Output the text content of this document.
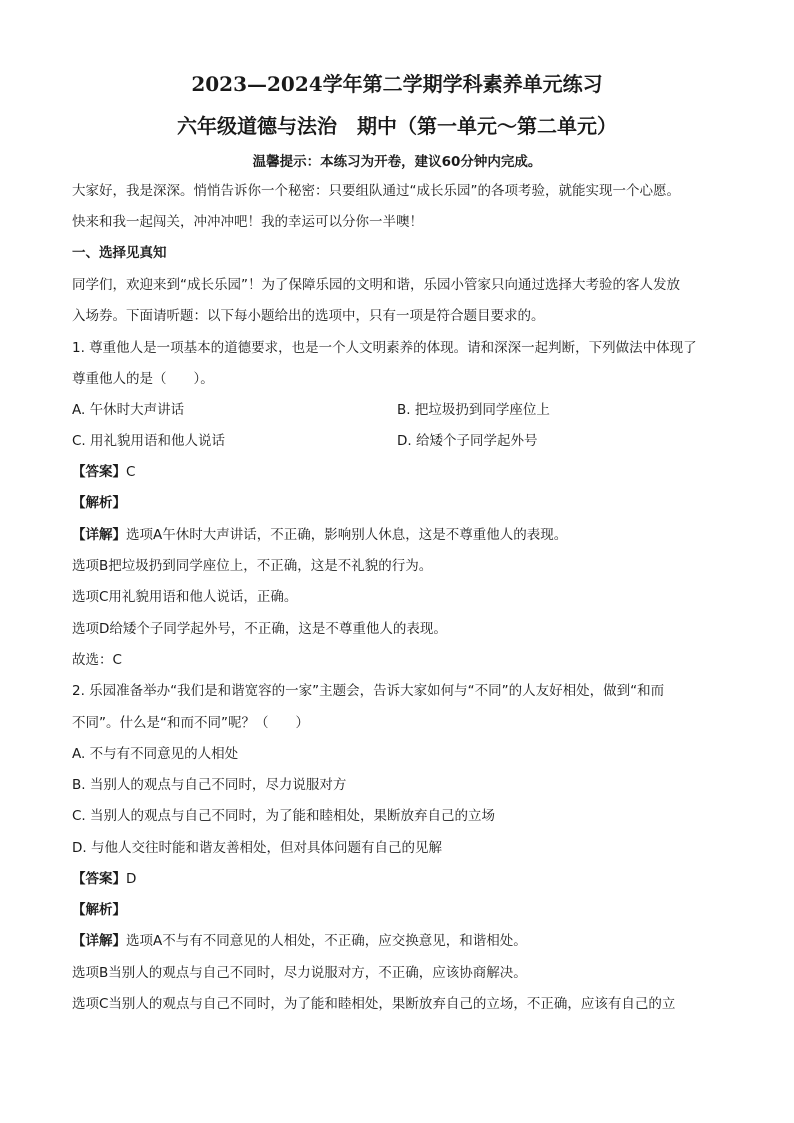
2023—2024学年第二学期学科素养单元练习
六年级道德与法治　期中（第一单元～第二单元）
温馨提示：本练习为开卷，建议60分钟内完成。
大家好，我是深深。悄悄告诉你一个秘密：只要组队通过“成长乐园”的各项考验，就能实现一个心愿。
快来和我一起闯关，冲冲冲吧！我的幸运可以分你一半噢！
一、选择见真知
同学们，欢迎来到“成长乐园”！为了保障乐园的文明和谐，乐园小管家只向通过选择大考验的客人发放
入场券。下面请听题：以下每小题给出的选项中，只有一项是符合题目要求的。
1. 尊重他人是一项基本的道德要求，也是一个人文明素养的体现。请和深深一起判断，下列做法中体现了
尊重他人的是（　　）。
A. 午休时大声讲话	B. 把垃圾扔到同学座位上
C. 用礼貌用语和他人说话	D. 给矮个子同学起外号
【答案】C
【解析】
【详解】选项A午休时大声讲话，不正确，影响别人休息，这是不尊重他人的表现。
选项B把垃圾扔到同学座位上，不正确，这是不礼貌的行为。
选项C用礼貌用语和他人说话，正确。
选项D给矮个子同学起外号，不正确，这是不尊重他人的表现。
故选：C
2. 乐园准备举办“我们是和谐宽容的一家”主题会，告诉大家如何与“不同”的人友好相处，做到“和而
不同”。什么是“和而不同”呢？（　　）
A. 不与有不同意见的人相处
B. 当别人的观点与自己不同时，尽力说服对方
C. 当别人的观点与自己不同时，为了能和睦相处，果断放弃自己的立场
D. 与他人交往时能和谐友善相处，但对具体问题有自己的见解
【答案】D
【解析】
【详解】选项A不与有不同意见的人相处，不正确，应交换意见，和谐相处。
选项B当别人的观点与自己不同时，尽力说服对方，不正确，应该协商解决。
选项C当别人的观点与自己不同时，为了能和睦相处，果断放弃自己的立场，不正确，应该有自己的立
